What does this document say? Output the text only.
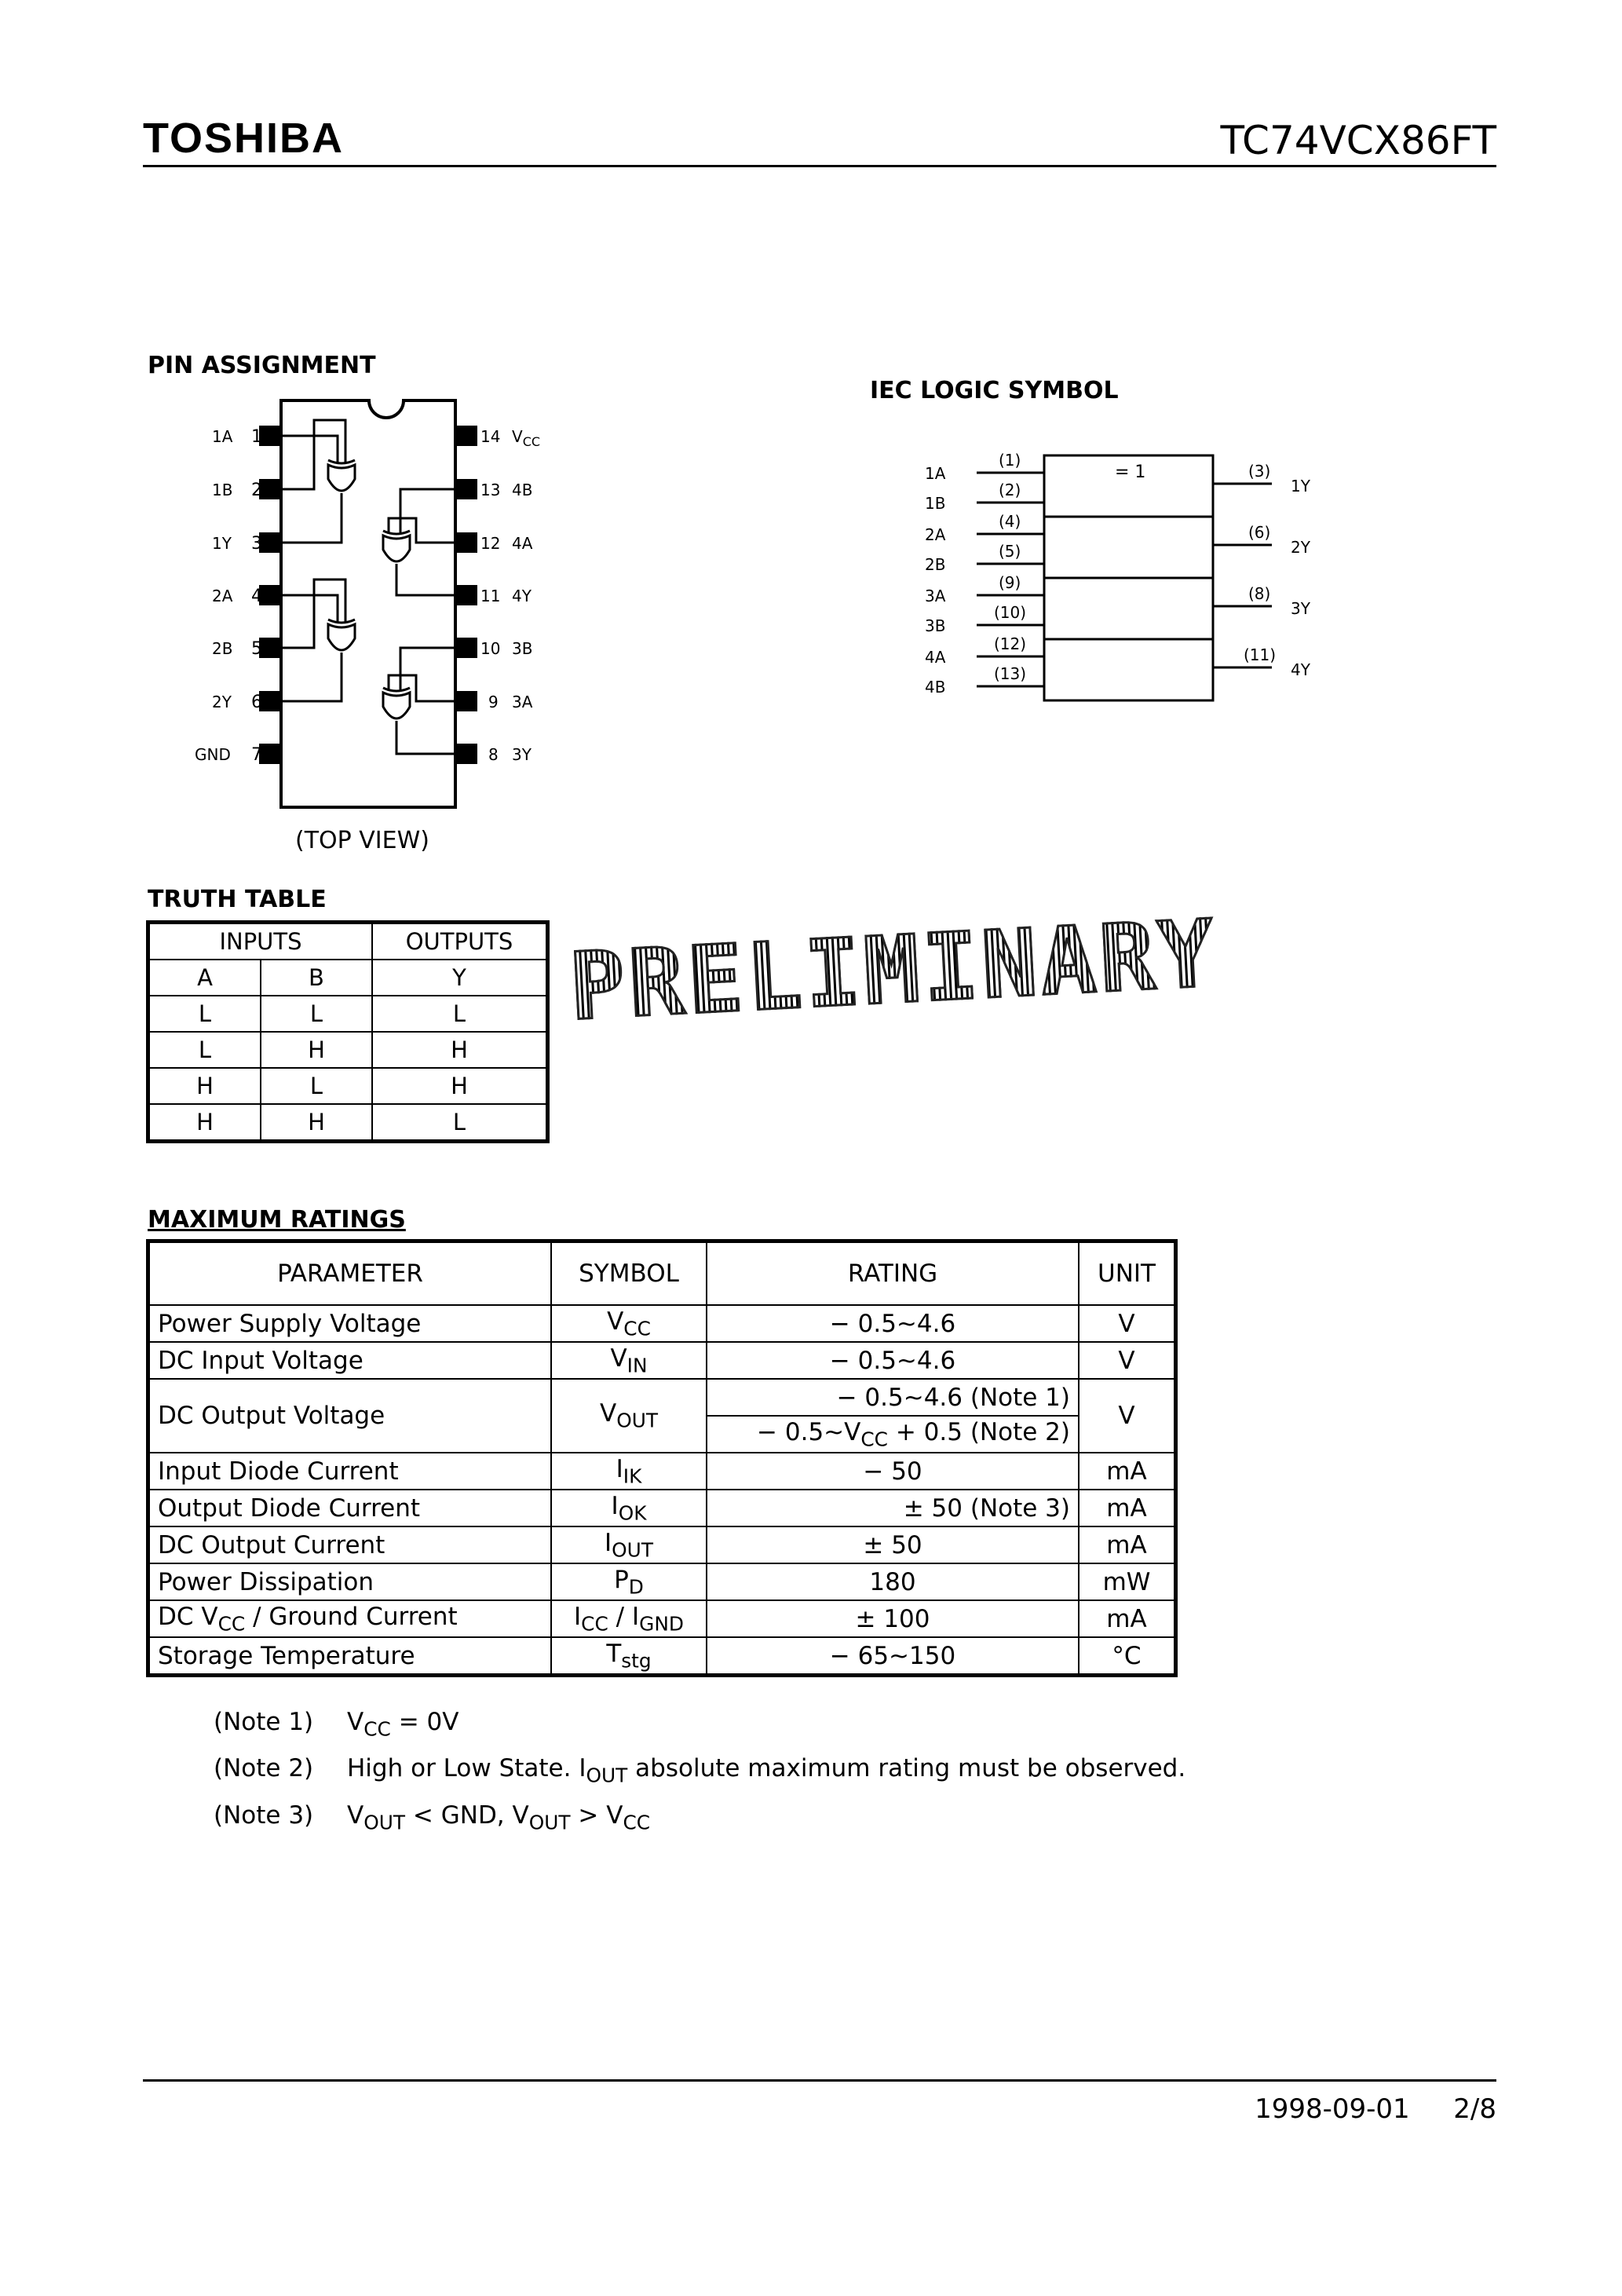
TOSHIBA	TC74VCX86FT
PIN ASSIGNMENT
1A 1
1B 2
1Y 3
2A 4
2B 5
2Y 6
GND 7
14 $V_{CC}$
13 4B
12 4A
11 4Y
10 3B
9 3A
8 3Y
(TOP VIEW)
IEC LOGIC SYMBOL
= 1
1A
(1)
1B
(2)
2A
(4)
2B
(5)
3A
(9)
3B
(10)
4A
(12)
4B
(13)
(3)
1Y
(6)
2Y
(8)
3Y
(11)
4Y
TRUTH TABLE
INPUTS		OUTPUTS
A	B	Y
L	L	L
L	H	H
H	L	H
H	H	L
PRELIMINARY
MAXIMUM RATINGS
PARAMETER	SYMBOL	RATING	UNIT
Power Supply Voltage	$V_{CC}$	− 0.5~4.6	V
DC Input Voltage	$V_{IN}$	− 0.5~4.6	V
DC Output Voltage	$V_{OUT}$	− 0.5~4.6 (Note 1)	V
		− $0.5\sim V_{CC} + 0.5$ (Note 2)	
Input Diode Current	$I_{IK}$	− 50	mA
Output Diode Current	$I_{OK}$	± 50 (Note 3)	mA
DC Output Current	$I_{OUT}$	± 50	mA
Power Dissipation	$P_D$	180	mW
DC $V_{CC}$ / Ground Current	$I_{CC} / I_{GND}$	± 100	mA
Storage Temperature	$T_{stg}$	− 65~150	°C
(Note 1) $V_{CC} = 0V$
(Note 2) High or Low State. $I_{OUT}$ absolute maximum rating must be observed.
(Note 3) $V_{OUT}$ < GND, $V_{OUT} > V_{CC}$
1998-09-01 2/8
